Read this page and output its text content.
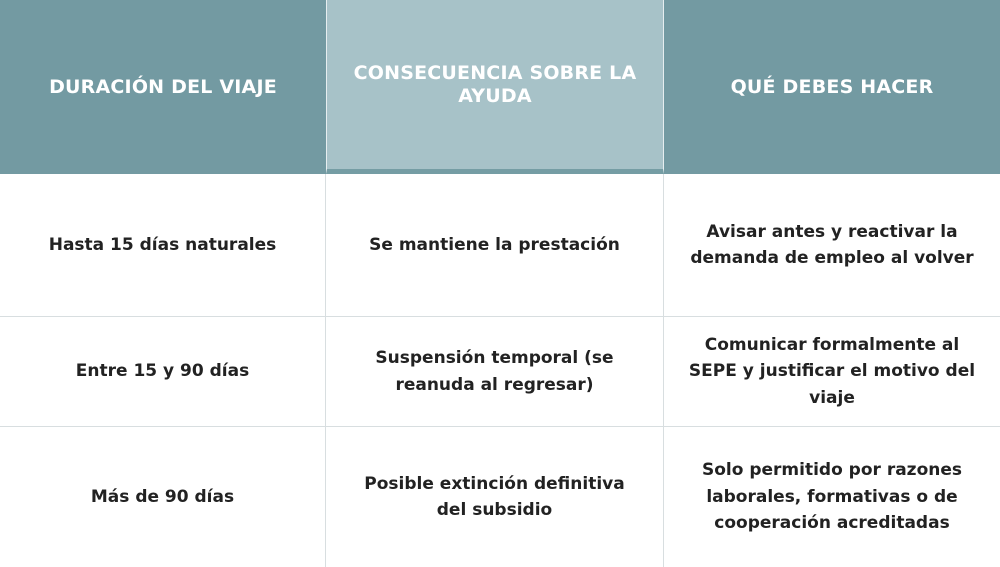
DURACIÓN DEL VIAJE
CONSECUENCIA SOBRE LA AYUDA	QUÉ DEBES HACER
Hasta 15 días naturales	Se mantiene la prestación
Avisar antes y reactivar la demanda de empleo al volver
Entre 15 y 90 días
Suspensión temporal (se reanuda al regresar)
Comunicar formalmente al SEPE y justificar el motivo del viaje
Más de 90 días
Posible extinción definitiva del subsidio
Solo permitido por razones laborales, formativas o de cooperación acreditadas
